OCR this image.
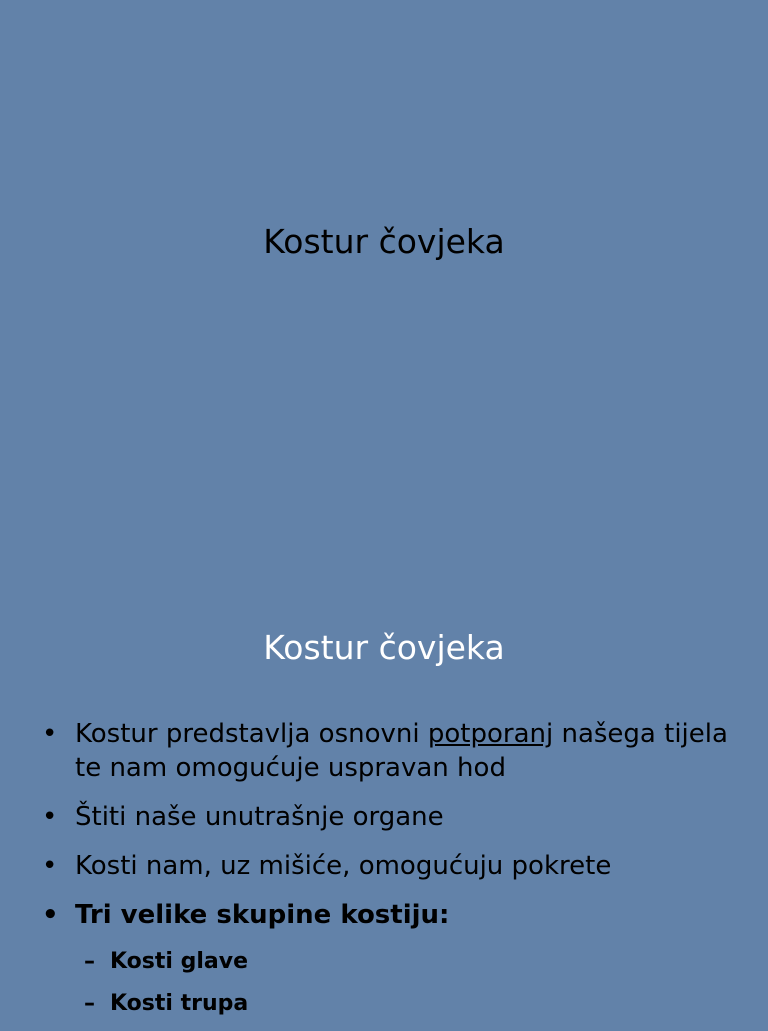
Kostur čovjeka
Kostur čovjeka
• Kostur predstavlja osnovni potporanj našega tijela te nam omogućuje uspravan hod
• Štiti naše unutrašnje organe
• Kosti nam, uz mišiće, omogućuju pokrete
• Tri velike skupine kostiju:
– Kosti glave
– Kosti trupa
